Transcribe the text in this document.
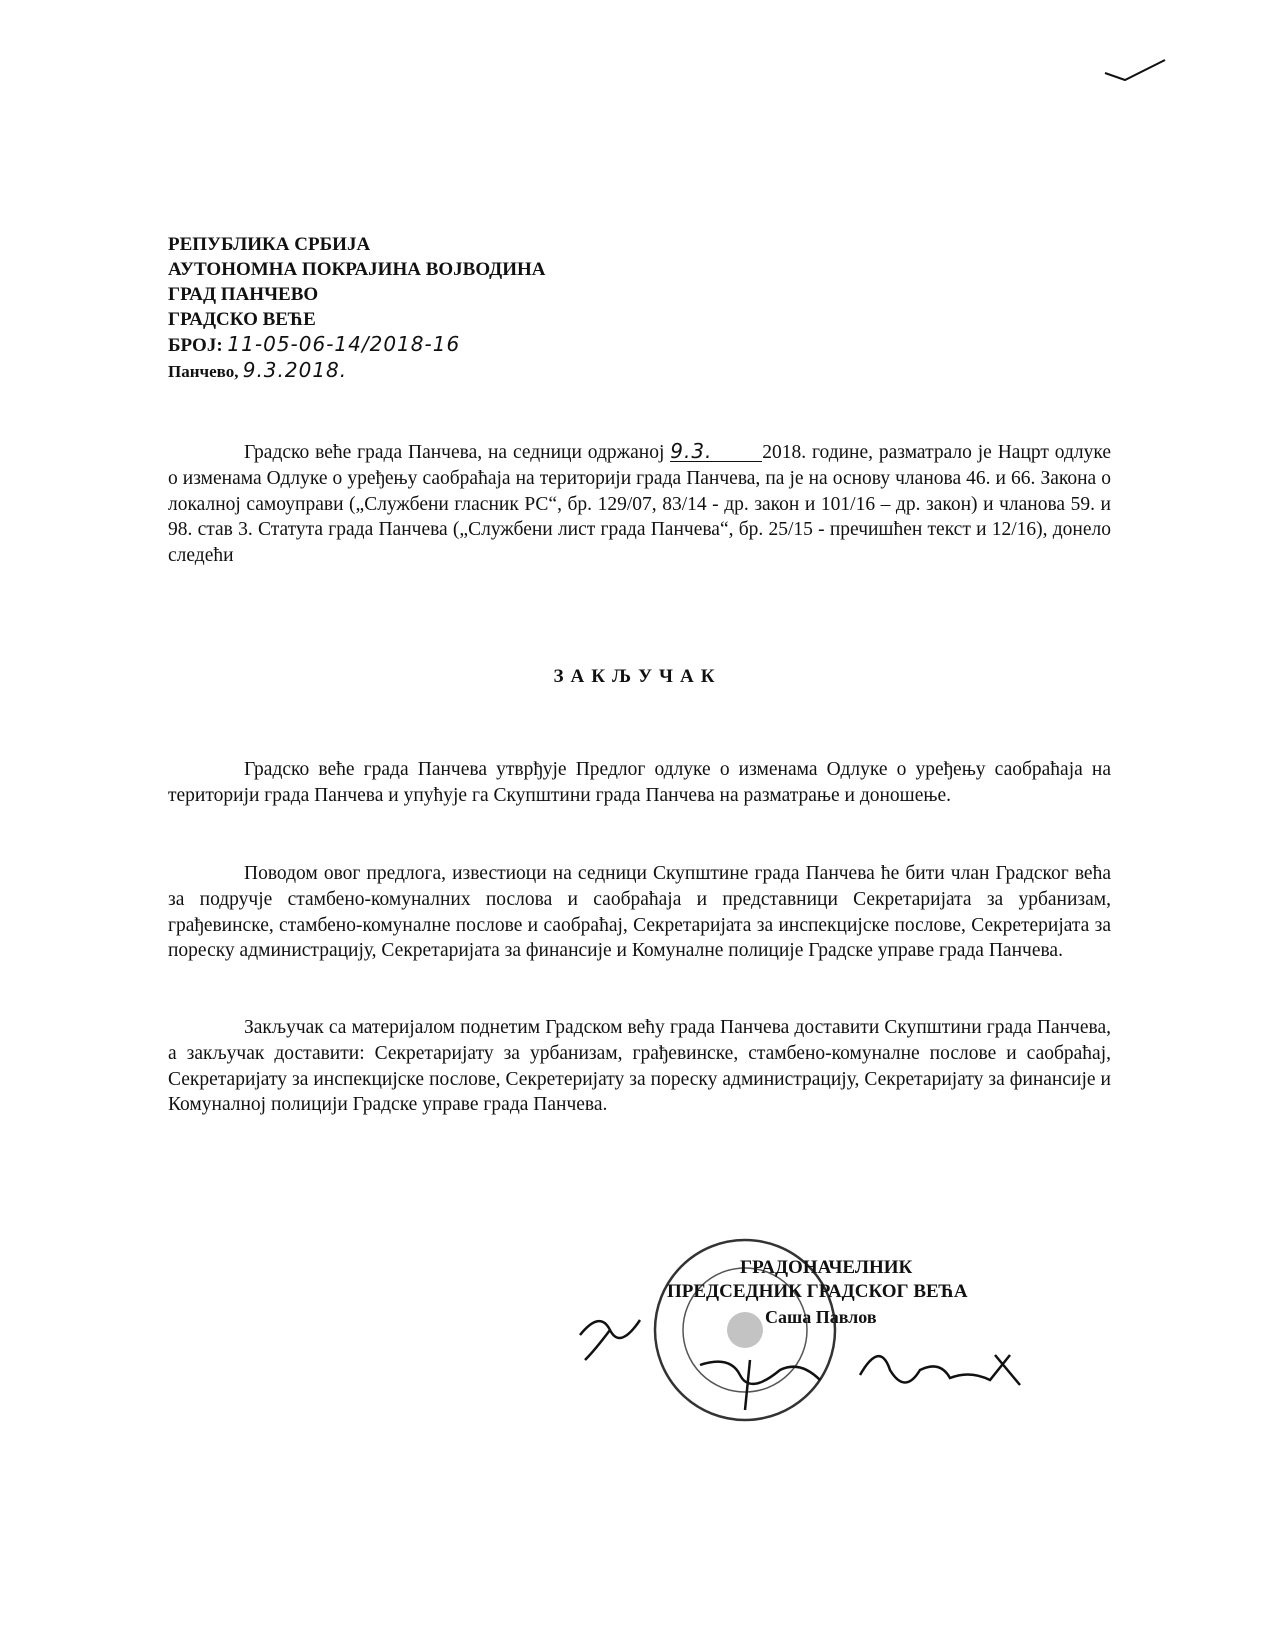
РЕПУБЛИКА СРБИЈА
АУТОНОМНА ПОКРАЈИНА ВОЈВОДИНА
ГРАД ПАНЧЕВО
ГРАДСКО ВЕЋЕ
БРОЈ: 11-05-06-14/2018-16
Панчево, 9.3.2018.
Градско веће града Панчева, на седници одржаној 9.3.	2018. године, разматрало је Нацрт одлуке о изменама Одлуке о уређењу саобраћаја на територији града Панчева, па је на основу чланова 46. и 66. Закона о локалној самоуправи („Службени гласник РС“, бр. 129/07, 83/14 - др. закон и 101/16 – др. закон) и чланова 59. и 98. став 3. Статута града Панчева („Службени лист града Панчева“, бр. 25/15 - пречишћен текст и 12/16), донело следећи
ЗАКЉУЧАК
Градско веће града Панчева утврђује Предлог одлуке о изменама Одлуке о уређењу саобраћаја на територији града Панчева и упућује га Скупштини града Панчева на разматрање и доношење.
Поводом овог предлога, известиоци на седници Скупштине града Панчева ће бити члан Градског већа за подручје стамбено-комуналних послова и саобраћаја и представници Секретаријата за урбанизам, грађевинске, стамбено-комуналне послове и саобраћај, Секретаријата за инспекцијске послове, Секретеријата за пореску администрацију, Секретаријата за финансије и Комуналне полиције Градске управе града Панчева.
Закључак са материјалом поднетим Градском већу града Панчева доставити Скупштини града Панчева, а закључак доставити: Секретаријату за урбанизам, грађевинске, стамбено-комуналне послове и саобраћај, Секретаријату за инспекцијске послове, Секретеријату за пореску администрацију, Секретаријату за финансије и Комуналној полицији Градске управе града Панчева.
ГРАДОНАЧЕЛНИК
ПРЕДСЕДНИК ГРАДСКОГ ВЕЋА
Саша Павлов
